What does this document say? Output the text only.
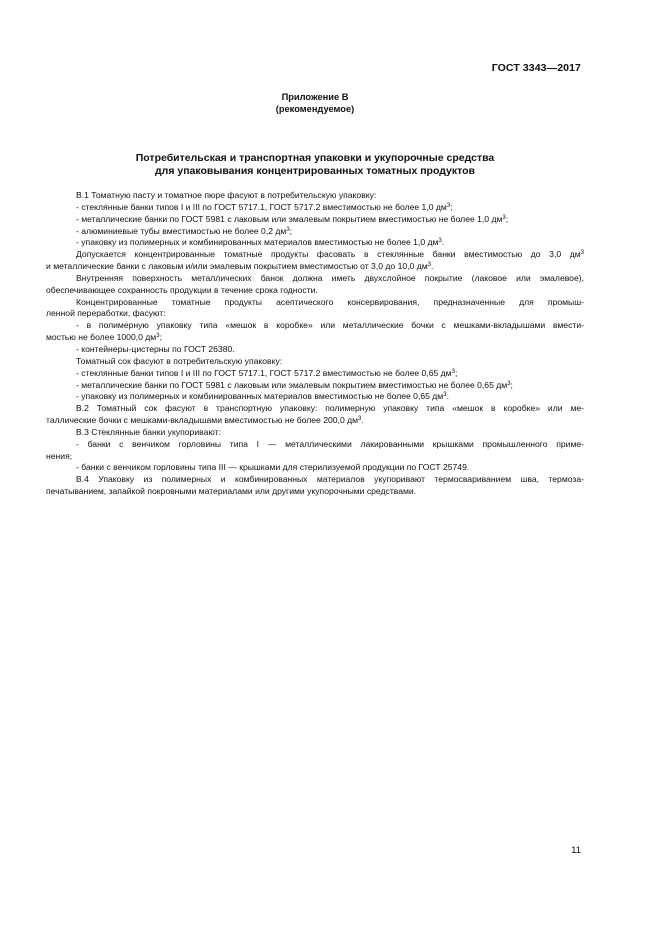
ГОСТ 3343—2017
Приложение В
(рекомендуемое)
Потребительская и транспортная упаковки и укупорочные средства
для упаковывания концентрированных томатных продуктов

В.1 Томатную пасту и томатное пюре фасуют в потребительскую упаковку:

- стеклянные банки типов I и III по ГОСТ 5717.1, ГОСТ 5717.2 вместимостью не более 1,0 $дм^3$;

- металлические банки по ГОСТ 5981 с лаковым или эмалевым покрытием вместимостью не более 1,0 $дм^3$;

- алюминиевые тубы вместимостью не более 0,2 $дм^3$;

- упаковку из полимерных и комбинированных материалов вместимостью не более 1,0 $дм^3$.

Допускается концентрированные томатные продукты фасовать в стеклянные банки вместимостью до 3,0 $дм^3$

и металлические банки с лаковым и/или эмалевым покрытием вместимостью от 3,0 до 10,0 $дм^3$.

Внутренняя поверхность металлических банок должна иметь двухслойное покрытие (лаковое или эмалевое),

обеспечивающее сохранность продукции в течение срока годности.

Концентрированные томатные продукты асептического консервирования, предназначенные для промыш-

ленной переработки, фасуют:

- в полимерную упаковку типа «мешок в коробке» или металлические бочки с мешками-вкладышами вмести-

мостью не более 1000,0 $дм^3$;

- контейнеры-цистерны по ГОСТ 26380.

Томатный сок фасуют в потребительскую упаковку:

- стеклянные банки типов I и III по ГОСТ 5717.1, ГОСТ 5717.2 вместимостью не более 0,65 $дм^3$;

- металлические банки по ГОСТ 5981 с лаковым или эмалевым покрытием вместимостью не более 0,65 $дм^3$;

- упаковку из полимерных и комбинированных материалов вместимостью не более 0,65 $дм^3$.

В.2 Томатный сок фасуют в транспортную упаковку: полимерную упаковку типа «мешок в коробке» или ме-

таллические бочки с мешками-вкладышами вместимостью не более 200,0 $дм^3$.

В.3 Стеклянные банки укупоривают:

- банки с венчиком горловины типа I — металлическими лакированными крышками промышленного приме-

нения;

- банки с венчиком горловины типа III — крышками для стерилизуемой продукции по ГОСТ 25749.

В.4 Упаковку из полимерных и комбинированных материалов укупоривают термосвариванием шва, термоза-

печатыванием, запайкой покровными материалами или другими укупорочными средствами.

11
